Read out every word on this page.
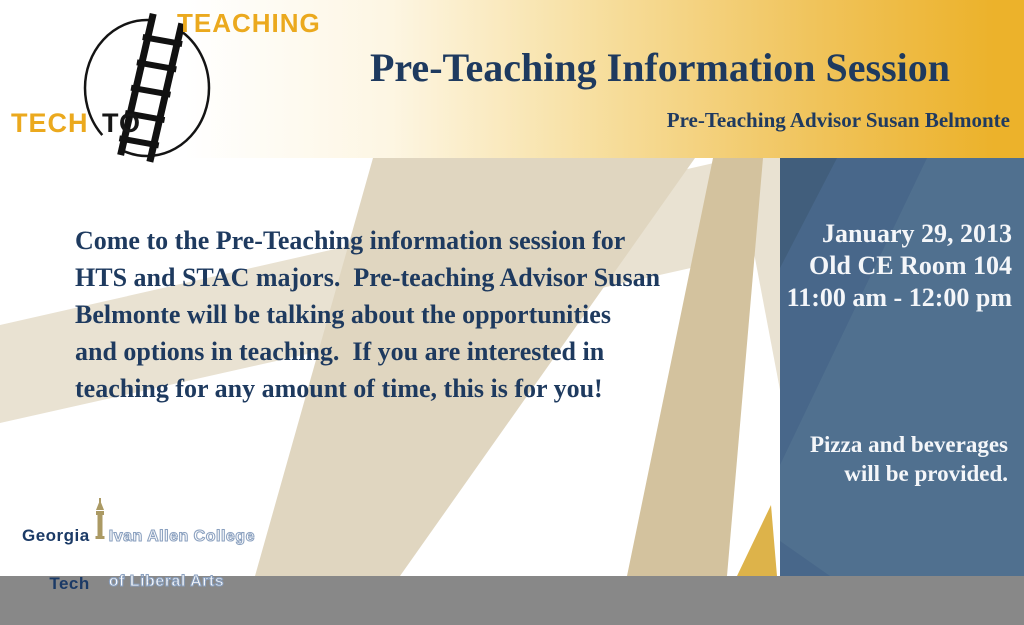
TEACHING
TECH TO
Pre-Teaching Information Session
Pre-Teaching Advisor Susan Belmonte
Come to the Pre-Teaching information session for
HTS and STAC majors.  Pre-teaching Advisor Susan
Belmonte will be talking about the opportunities
and options in teaching.  If you are interested in
teaching for any amount of time, this is for you!
January 29, 2013
Old CE Room 104
11:00 am - 12:00 pm
Pizza and beverages
will be provided.

Georgia

Tech

Ivan Allen College

of Liberal Arts
